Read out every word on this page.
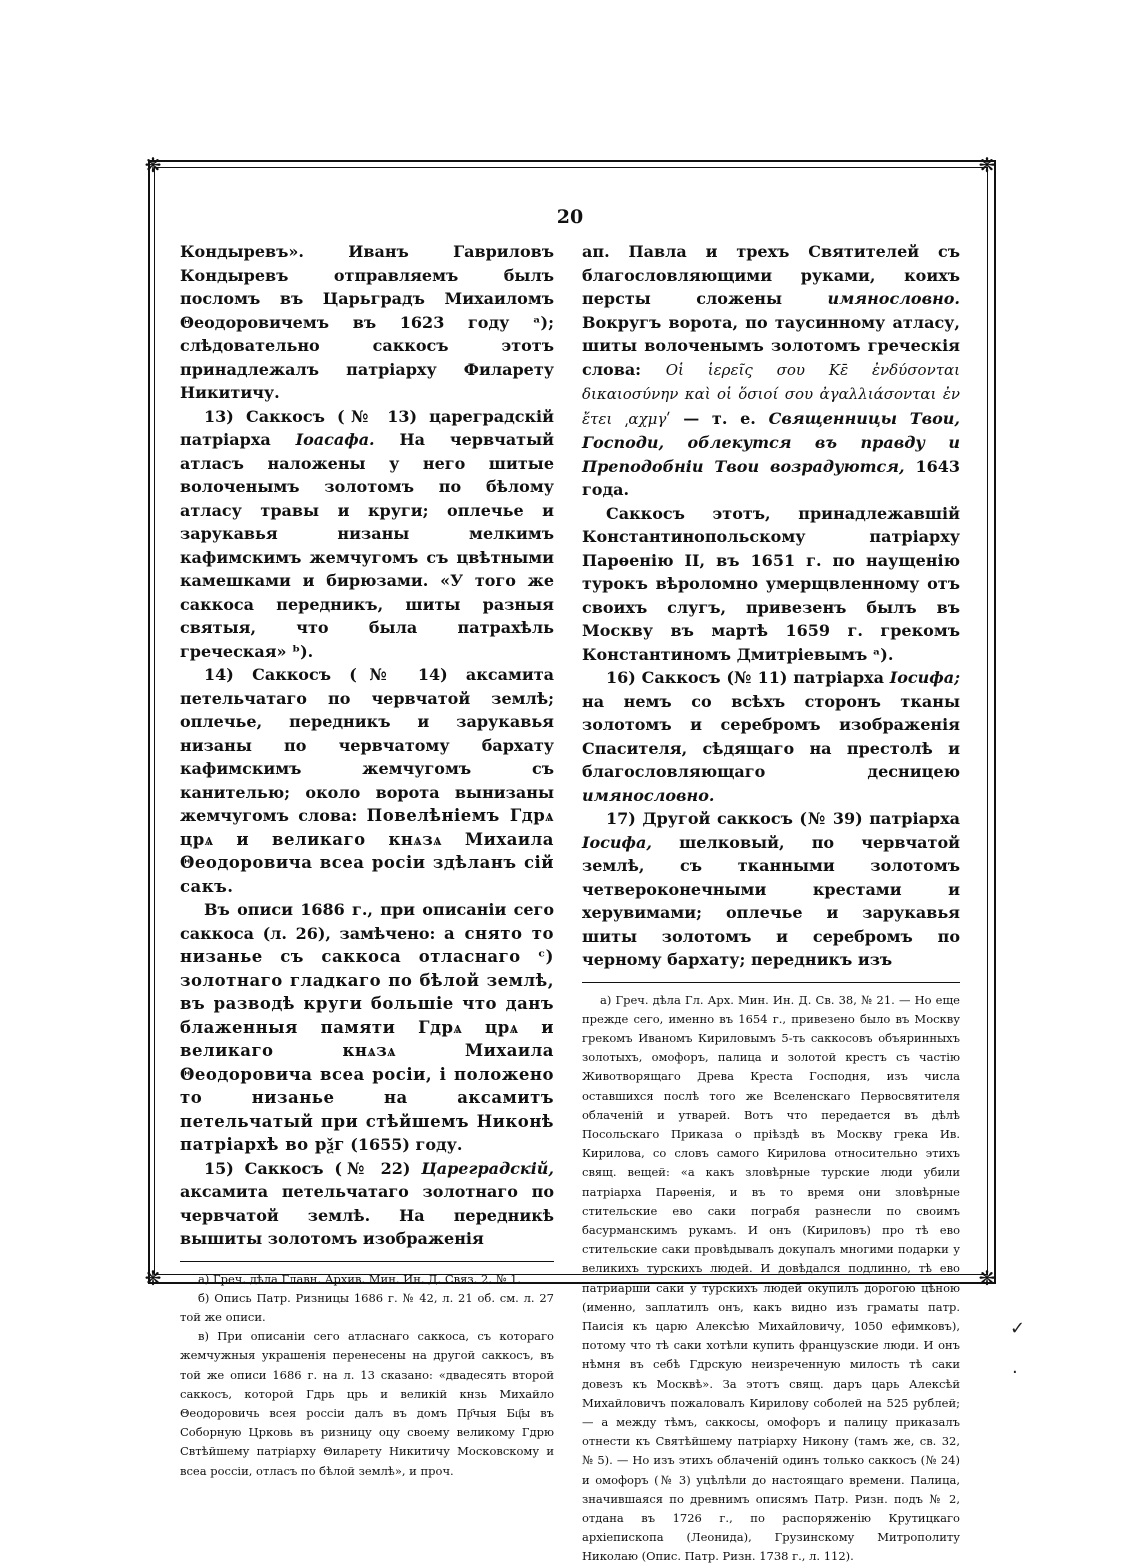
❋	❋
❋	❋
20

Кондыревъ». Иванъ Гавриловъ Кондыревъ отправляемъ былъ посломъ въ Царьградъ Михаиломъ Θеодоровичемъ въ 1623 году ᵃ); слѣдовательно саккосъ этотъ принадлежалъ патріарху Филарету Никитичу.

13) Саккосъ (№ 13) цареградскій патріарха Іоасафа. На червчатый атласъ наложены у него шитые волоченымъ золотомъ по бѣлому атласу травы и круги; оплечье и зарукавья низаны мелкимъ кафимскимъ жемчугомъ съ цвѣтными камешками и бирюзами. «У того же саккоса передникъ, шиты разныя святыя, что была патрахѣль греческая» ᵇ).

14) Саккосъ (№ 14) аксамита петельчатаго по червчатой землѣ; оплечье, передникъ и зарукавья низаны по червчатому бархату кафимскимъ жемчугомъ съ канителью; около ворота вынизаны жемчугомъ слова: Повелѣніемъ Гдрѧ црѧ и великаго кнѧзѧ Михаила Θеодоровича всеа росіи здѣланъ сій сакъ.

Въ описи 1686 г., при описаніи сего саккоса (л. 26), замѣчено: а снято то низанье съ саккоса отласнаго ᶜ) золотнаго гладкаго по бѣлой землѣ, въ разводѣ круги большіе что данъ блаженныя памяти Гдрѧ црѧ и великаго кнѧзѧ Михаила Θеодоровича всеа росіи, і положено то низанье на аксамитъ петельчатый при стѣйшемъ Никонѣ патріархѣ во рѯг (1655) году.

15) Саккосъ (№ 22) Цареградскій, аксамита петельчатаго золотнаго по червчатой землѣ. На передникѣ вышиты золотомъ изображенія

а) Греч. дѣла Главн. Архив. Мин. Ин. Д. Связ. 2, № 1.

б) Опись Патр. Ризницы 1686 г. № 42, л. 21 об. см. л. 27 той же описи.

в) При описаніи сего атласнаго саккоса, съ котораго жемчужныя украшенія перенесены на другой саккосъ, въ той же описи 1686 г. на л. 13 сказано: «двадесять второй саккосъ, которой Гдрь црь и великій кнзь Михайло Θеодоровичь всея россіи далъ въ домъ Пр҃чыя Бц҃ы въ Соборную Црковь въ ризницу оцу своему великому Гдрю Свтѣйшему патріарху Θиларету Никитичу Московскому и всеа россіи, отласъ по бѣлой землѣ», и проч.

ап. Павла и трехъ Святителей съ благословляющими руками, коихъ персты сложены имянословно. Вокругъ ворота, по таусинному атласу, шиты волоченымъ золотомъ греческія слова: Οἱ ἱερεῖς σου Κε̄ ἐνδύσονται δικαιοσύνην καὶ οἱ ὅσιοί σου ἀγαλλιάσονται ἐν ἔτει ͵αχμγʹ — т. е. Священницы Твои, Господи, облекутся въ правду и Преподобніи Твои возрадуются, 1643 года.

Саккосъ этотъ, принадлежавшій Константинопольскому патріарху Парѳенію II, въ 1651 г. по наущенію турокъ вѣроломно умерщвленному отъ своихъ слугъ, привезенъ былъ въ Москву въ мартѣ 1659 г. грекомъ Константиномъ Дмитріевымъ ᵃ).

16) Саккосъ (№ 11) патріарха Іосифа; на немъ со всѣхъ сторонъ тканы золотомъ и серебромъ изображенія Спасителя, сѣдящаго на престолѣ и благословляющаго десницею имянословно.

17) Другой саккосъ (№ 39) патріарха Іосифа, шелковый, по червчатой землѣ, съ тканными золотомъ четвероконечными крестами и херувимами; оплечье и зарукавья шиты золотомъ и серебромъ по черному бархату; передникъ изъ

а) Греч. дѣла Гл. Арх. Мин. Ин. Д. Св. 38, № 21. — Но еще прежде сего, именно въ 1654 г., привезено было въ Москву грекомъ Иваномъ Кириловымъ 5-ть саккосовъ объяринныхъ золотыхъ, омофоръ, палица и золотой крестъ съ частію Животворящаго Древа Креста Господня, изъ числа оставшихся послѣ того же Вселенскаго Первосвятителя облаченій и утварей. Вотъ что передается въ дѣлѣ Посольскаго Приказа о пріѣздѣ въ Москву грека Ив. Кирилова, со словъ самого Кирилова относительно этихъ свящ. вещей: «а какъ зловѣрные турские люди убили патріарха Парѳенія, и въ то время они зловѣрные стительские ево саки пограбя разнесли по своимъ басурманскимъ рукамъ. И онъ (Кириловъ) про тѣ ево стительские саки провѣдывалъ докупалъ многими подарки у великихъ турскихъ людей. И довѣдался подлинно, тѣ ево патриарши саки у турскихъ людей окупилъ дорогою цѣною (именно, заплатилъ онъ, какъ видно изъ граматы патр. Паисія къ царю Алексѣю Михайловичу, 1050 ефимковъ), потому что тѣ саки хотѣли купить французские люди. И онъ нѣмня въ себѣ Гдрскую неизреченную милость тѣ саки довезъ къ Москвѣ». За этотъ свящ. даръ царь Алексѣй Михайловичъ пожаловалъ Кирилову соболей на 525 рублей; — а между тѣмъ, саккосы, омофоръ и палицу приказалъ отнести къ Святѣйшему патріарху Никону (тамъ же, св. 32, № 5). — Но изъ этихъ облаченій одинъ только саккосъ (№ 24) и омофоръ (№ 3) уцѣлѣли до настоящаго времени. Палица, значившаяся по древнимъ описямъ Патр. Ризн. подъ № 2, отдана въ 1726 г., по распоряженію Крутицкаго архіепископа (Леонида), Грузинскому Митрополиту Николаю (Опис. Патр. Ризн. 1738 г., л. 112).

✓
·
